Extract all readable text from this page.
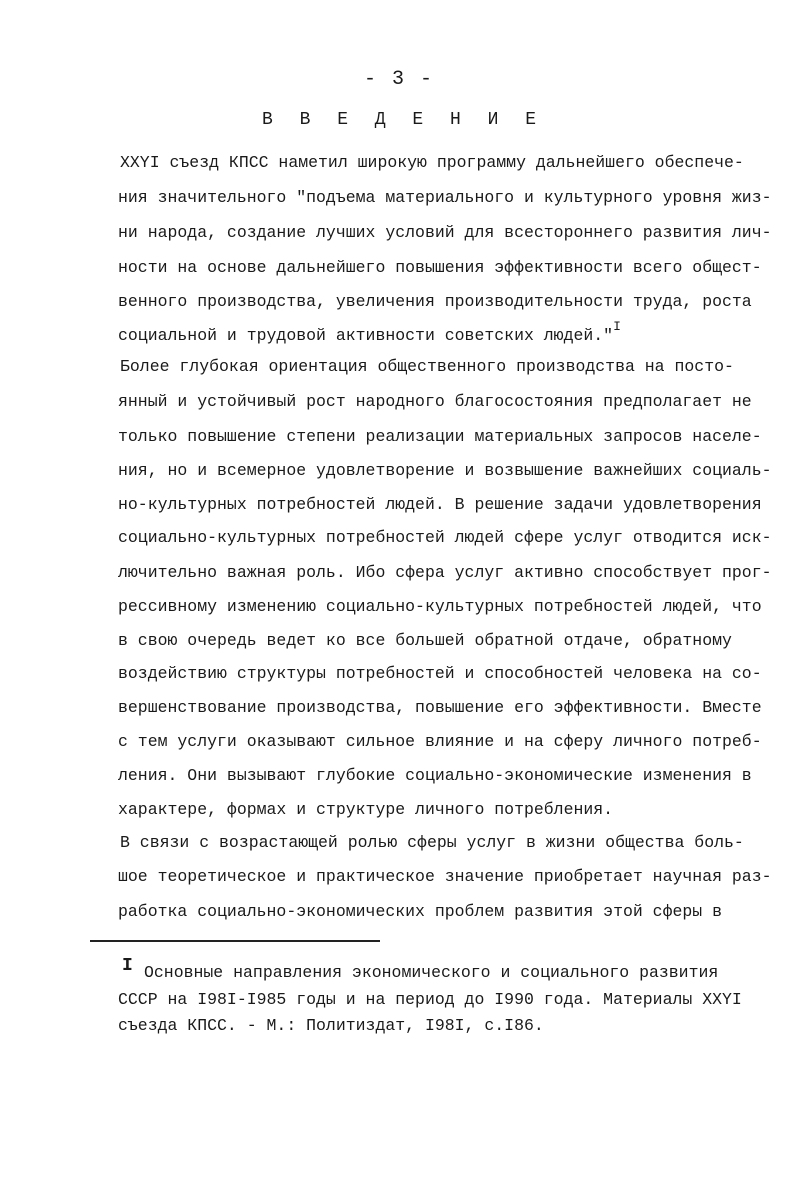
- 3 -
В В Е Д Е Н И Е
XXYI съезд КПСС наметил широкую программу дальнейшего обеспече-
ния значительного "подъема материального и культурного уровня жиз-
ни народа, создание лучших условий для всестороннего развития лич-
ности на основе дальнейшего повышения эффективности всего общест-
венного производства, увеличения производительности труда, роста
социальной и трудовой активности советских людей."$^I$
Более глубокая ориентация общественного производства на посто-
янный и устойчивый рост народного благосостояния предполагает не
только повышение степени реализации материальных запросов населе-
ния, но и всемерное удовлетворение и возвышение важнейших социаль-
но-культурных потребностей людей. В решение задачи удовлетворения
социально-культурных потребностей людей сфере услуг отводится иск-
лючительно важная роль. Ибо сфера услуг активно способствует прог-
рессивному изменению социально-культурных потребностей людей, что
в свою очередь ведет ко все большей обратной отдаче, обратному
воздействию структуры потребностей и способностей человека на со-
вершенствование производства, повышение его эффективности. Вместе
с тем услуги оказывают сильное влияние и на сферу личного потреб-
ления. Они вызывают глубокие социально-экономические изменения в
характере, формах и структуре личного потребления.
В связи с возрастающей ролью сферы услуг в жизни общества боль-
шое теоретическое и практическое значение приобретает научная раз-
работка социально-экономических проблем развития этой сферы в
I Основные направления экономического и социального развития
СССР на I98I-I985 годы и на период до I990 года. Материалы XXYI
съезда КПСС. - М.: Политиздат, I98I, с.I86.
